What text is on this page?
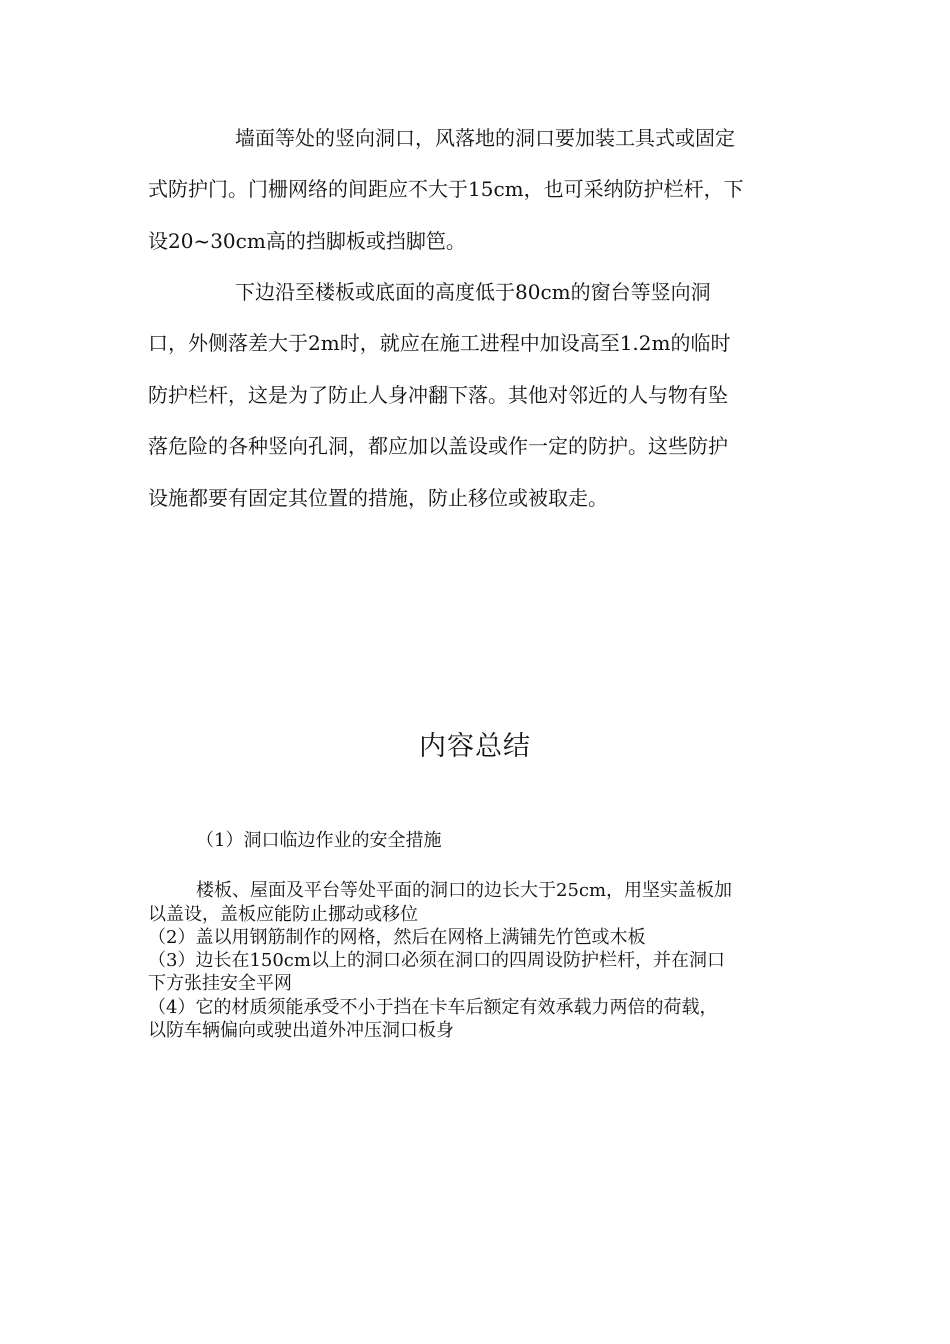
墙面等处的竖向洞口，风落地的洞口要加装工具式或固定
式防护门。门栅网络的间距应不大于15cm，也可采纳防护栏杆，下
设20~30cm高的挡脚板或挡脚笆。
下边沿至楼板或底面的高度低于80cm的窗台等竖向洞
口，外侧落差大于2m时，就应在施工进程中加设高至1.2m的临时
防护栏杆，这是为了防止人身冲翻下落。其他对邻近的人与物有坠
落危险的各种竖向孔洞，都应加以盖设或作一定的防护。这些防护
设施都要有固定其位置的措施，防止移位或被取走。
内容总结
（1）洞口临边作业的安全措施
楼板、屋面及平台等处平面的洞口的边长大于25cm，用坚实盖板加
以盖设，盖板应能防止挪动或移位
（2）盖以用钢筋制作的网格，然后在网格上满铺先竹笆或木板
（3）边长在150cm以上的洞口必须在洞口的四周设防护栏杆，并在洞口
下方张挂安全平网
（4）它的材质须能承受不小于挡在卡车后额定有效承载力两倍的荷载，
以防车辆偏向或驶出道外冲压洞口板身
